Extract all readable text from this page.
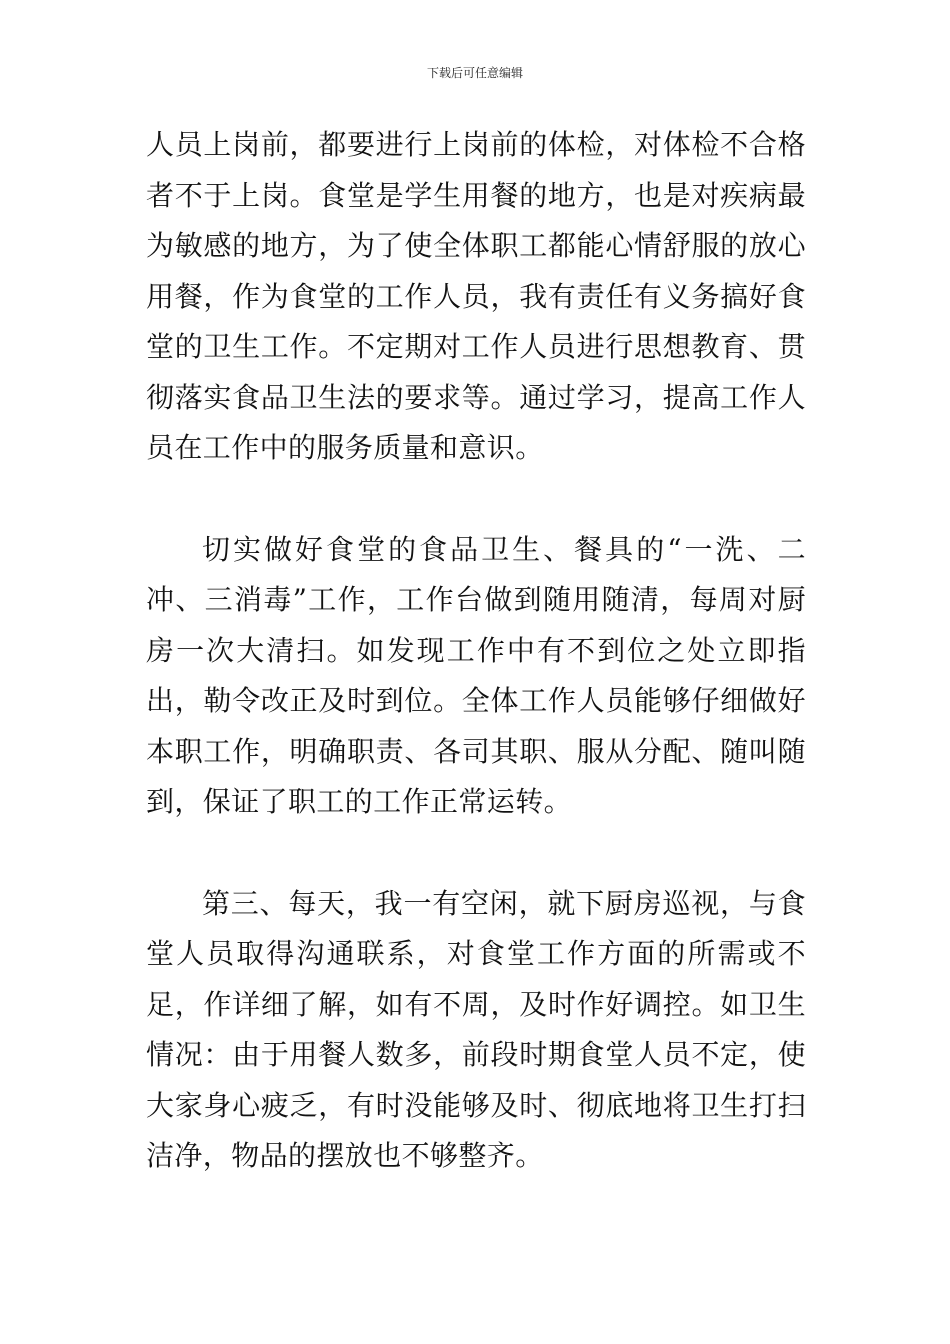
下载后可任意编辑

人员上岗前，都要进行上岗前的体检，对体检不合格者不于上岗。食堂是学生用餐的地方，也是对疾病最为敏感的地方，为了使全体职工都能心情舒服的放心用餐，作为食堂的工作人员，我有责任有义务搞好食堂的卫生工作。不定期对工作人员进行思想教育、贯彻落实食品卫生法的要求等。通过学习，提高工作人员在工作中的服务质量和意识。

切实做好食堂的食品卫生、餐具的“一洗、二冲、三消毒”工作，工作台做到随用随清，每周对厨房一次大清扫。如发现工作中有不到位之处立即指出，勒令改正及时到位。全体工作人员能够仔细做好本职工作，明确职责、各司其职、服从分配、随叫随到，保证了职工的工作正常运转。

第三、每天，我一有空闲，就下厨房巡视，与食堂人员取得沟通联系，对食堂工作方面的所需或不足，作详细了解，如有不周，及时作好调控。如卫生情况：由于用餐人数多，前段时期食堂人员不定，使大家身心疲乏，有时没能够及时、彻底地将卫生打扫洁净，物品的摆放也不够整齐。
